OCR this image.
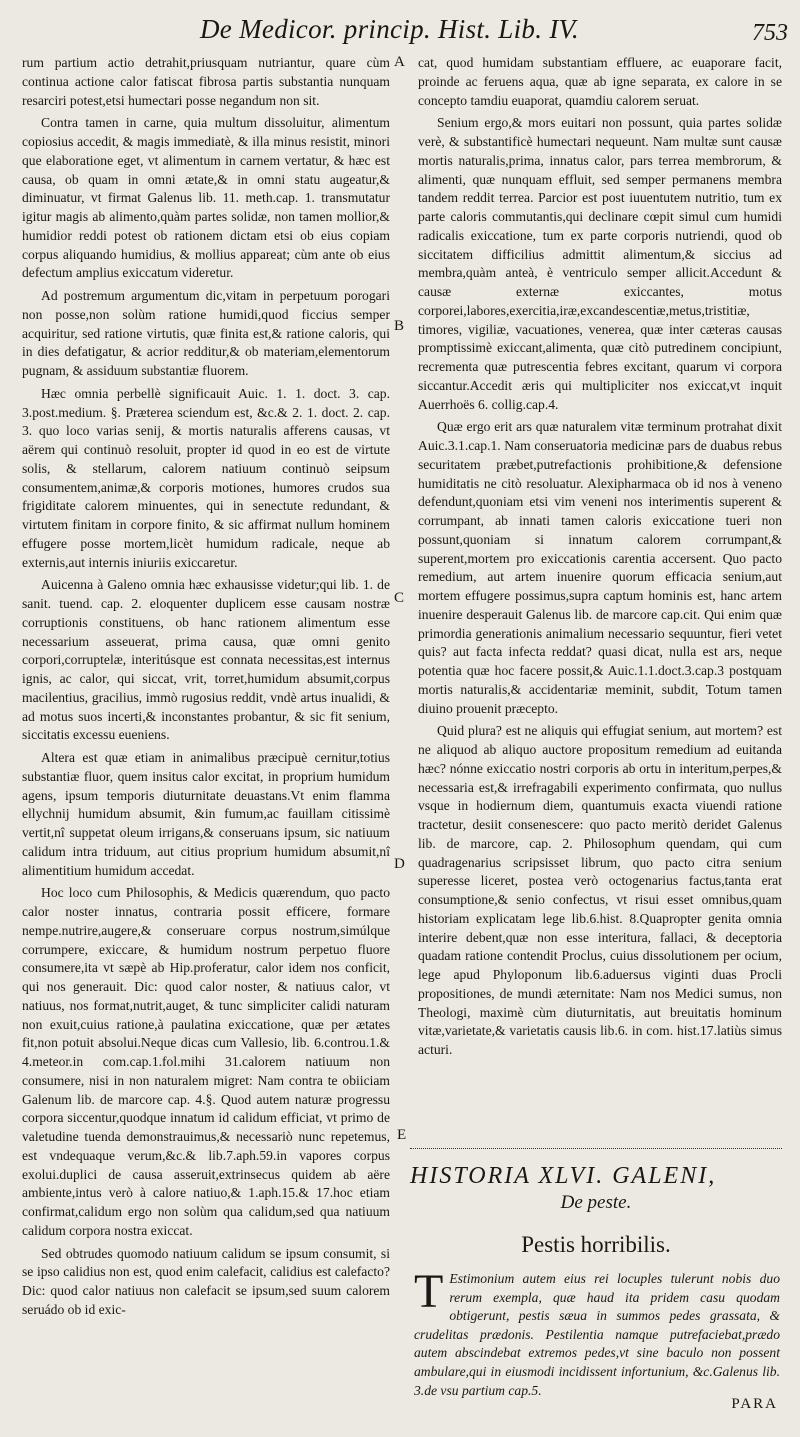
De Medicor. princip. Hist. Lib. IV.	753

rum partium actio detrahit,priusquam nutriantur, quare cùm continua actione calor fatiscat fibrosa partis substantia nunquam resarciri potest,etsi humectari posse negandum non sit.

Contra tamen in carne, quia multum dissoluitur, alimentum copiosius accedit, & magis immediatè, & illa minus resistit, minori que elaboratione eget, vt alimentum in carnem vertatur, & hæc est causa, ob quam in omni ætate,& in omni statu augeatur,& diminuatur, vt firmat Galenus lib. 11. meth.cap. 1. transmutatur igitur magis ab alimento,quàm partes solidæ, non tamen mollior,& humidior reddi potest ob rationem dictam etsi ob eius copiam corpus aliquando humidius, & mollius appareat; cùm ante ob eius defectum amplius exiccatum videretur.

Ad postremum argumentum dic,vitam in perpetuum porogari non posse,non solùm ratione humidi,quod ficcius semper acquiritur, sed ratione virtutis, quæ finita est,& ratione caloris, qui in dies defatigatur, & acrior redditur,& ob materiam,elementorum pugnam, & assiduum substantiæ fluorem.

Hæc omnia perbellè significauit Auic. 1. 1. doct. 3. cap. 3.post.medium. §. Præterea sciendum est, &c.& 2. 1. doct. 2. cap. 3. quo loco varias senij, & mortis naturalis afferens causas, vt aërem qui continuò resoluit, propter id quod in eo est de virtute solis, & stellarum, calorem natiuum continuò seipsum consumentem,animæ,& corporis motiones, humores crudos sua frigiditate calorem minuentes, qui in senectute redundant, & virtutem finitam in corpore finito, & sic affirmat nullum hominem effugere posse mortem,licèt humidum radicale, neque ab externis,aut internis iniuriis exiccaretur.

Auicenna à Galeno omnia hæc exhausisse videtur;qui lib. 1. de sanit. tuend. cap. 2. eloquenter duplicem esse causam nostræ corruptionis constituens, ob hanc rationem alimentum esse necessarium asseuerat, prima causa, quæ omni genito corpori,corruptelæ, interitúsque est connata necessitas,est internus ignis, ac calor, qui siccat, vrit, torret,humidum absumit,corpus macilentius, gracilius, immò rugosius reddit, vndè artus inualidi, & ad motus suos incerti,& inconstantes probantur, & sic fit senium, siccitatis excessu eueniens.

Altera est quæ etiam in animalibus præcipuè cernitur,totius substantiæ fluor, quem insitus calor excitat, in proprium humidum agens, ipsum temporis diuturnitate deuastans.Vt enim flamma ellychnij humidum absumit, &in fumum,ac fauillam citissimè vertit,nî suppetat oleum irrigans,& conseruans ipsum, sic natiuum calidum intra triduum, aut citius proprium humidum absumit,nî alimentitium humidum accedat.

Hoc loco cum Philosophis, & Medicis quærendum, quo pacto calor noster innatus, contraria possit efficere, formare nempe.nutrire,augere,& conseruare corpus nostrum,simúlque corrumpere, exiccare, & humidum nostrum perpetuo fluore consumere,ita vt sæpè ab Hip.proferatur, calor idem nos conficit, qui nos generauit. Dic: quod calor noster, & natiuus calor, vt natiuus, nos format,nutrit,auget, & tunc simpliciter calidi naturam non exuit,cuius ratione,à paulatina exiccatione, quæ per ætates fit,non potuit absolui.Neque dicas cum Vallesio, lib. 6.controu.1.& 4.meteor.in com.cap.1.fol.mihi 31.calorem natiuum non consumere, nisi in non naturalem migret: Nam contra te obiiciam Galenum lib. de marcore cap. 4.§. Quod autem naturæ progressu corpora siccentur,quodque innatum id calidum efficiat, vt primo de valetudine tuenda demonstrauimus,& necessariò nunc repetemus, est vndequaque verum,&c.& lib.7.aph.59.in vapores corpus exolui.duplici de causa asseruit,extrinsecus quidem ab aëre ambiente,intus verò à calore natiuo,& 1.aph.15.& 17.hoc etiam confirmat,calidum ergo non solùm qua calidum,sed qua natiuum calidum corpora nostra exiccat.

Sed obtrudes quomodo natiuum calidum se ipsum consumit, si se ipso calidius non est, quod enim calefacit, calidius est calefacto? Dic: quod calor natiuus non calefacit se ipsum,sed suum calorem seruádo ob id exic-

A
B
C
D
E

cat, quod humidam substantiam effluere, ac euaporare facit, proinde ac feruens aqua, quæ ab igne separata, ex calore in se concepto tamdiu euaporat, quamdiu calorem seruat.

Senium ergo,& mors euitari non possunt, quia partes solidæ verè, & substantificè humectari nequeunt. Nam multæ sunt causæ mortis naturalis,prima, innatus calor, pars terrea membrorum, & alimenti, quæ nunquam effluit, sed semper permanens membra tandem reddit terrea. Parcior est post iuuentutem nutritio, tum ex parte caloris commutantis,qui declinare cœpit simul cum humidi radicalis exiccatione, tum ex parte corporis nutriendi, quod ob siccitatem difficilius admittit alimentum,& siccius ad membra,quàm anteà, è ventriculo semper allicit.Accedunt & causæ externæ exiccantes, motus corporei,labores,exercitia,iræ,excandescentiæ,metus,tristitiæ, timores, vigiliæ, vacuationes, venerea, quæ inter cæteras causas promptissimè exiccant,alimenta, quæ citò putredinem concipiunt, recrementa quæ putrescentia febres excitant, quarum vi corpora siccantur.Accedit æris qui multipliciter nos exiccat,vt inquit Auerrhoës 6. collig.cap.4.

Quæ ergo erit ars quæ naturalem vitæ terminum protrahat dixit Auic.3.1.cap.1. Nam conseruatoria medicinæ pars de duabus rebus securitatem præbet,putrefactionis prohibitione,& defensione humiditatis ne citò resoluatur. Alexipharmaca ob id nos à veneno defendunt,quoniam etsi vim veneni nos interimentis superent & corrumpant, ab innati tamen caloris exiccatione tueri non possunt,quoniam si innatum calorem corrumpant,& superent,mortem pro exiccationis carentia accersent. Quo pacto remedium, aut artem inuenire quorum efficacia senium,aut mortem effugere possimus,supra captum hominis est, hanc artem inuenire desperauit Galenus lib. de marcore cap.cit. Qui enim quæ primordia generationis animalium necessario sequuntur, fieri vetet quis? aut facta infecta reddat? quasi dicat, nulla est ars, neque potentia quæ hoc facere possit,& Auic.1.1.doct.3.cap.3 postquam mortis naturalis,& accidentariæ meminit, subdit, Totum tamen diuino prouenit præcepto.

Quid plura? est ne aliquis qui effugiat senium, aut mortem? est ne aliquod ab aliquo auctore propositum remedium ad euitanda hæc? nónne exiccatio nostri corporis ab ortu in interitum,perpes,& necessaria est,& irrefragabili experimento confirmata, quo nullus vsque in hodiernum diem, quantumuis exacta viuendi ratione tractetur, desiit consenescere: quo pacto meritò deridet Galenus lib. de marcore, cap. 2. Philosophum quendam, qui cum quadragenarius scripsisset librum, quo pacto citra senium superesse liceret, postea verò octogenarius factus,tanta erat consumptione,& senio confectus, vt risui esset omnibus,quam historiam explicatam lege lib.6.hist. 8.Quapropter genita omnia interire debent,quæ non esse interitura, fallaci, & deceptoria quadam ratione contendit Proclus, cuius dissolutionem per ocium, lege apud Phyloponum lib.6.aduersus viginti duas Procli propositiones, de mundi æternitate: Nam nos Medici sumus, non Theologi, maximè cùm diuturnitatis, aut breuitatis hominum vitæ,varietate,& varietatis causis lib.6. in com. hist.17.latiùs simus acturi.

HISTORIA XLVI. GALENI,
De peste.
Pestis horribilis.
T Estimonium autem eius rei locuples tulerunt nobis duo rerum exempla, quæ haud ita pridem casu quodam obtigerunt, pestis sæua in summos pedes grassata, & crudelitas prædonis. Pestilentia namque putrefaciebat,prædo autem abscindebat extremos pedes,vt sine baculo non possent ambulare,qui in eiusmodi incidissent infortunium, &c.Galenus lib. 3.de vsu partium cap.5.
PARA
